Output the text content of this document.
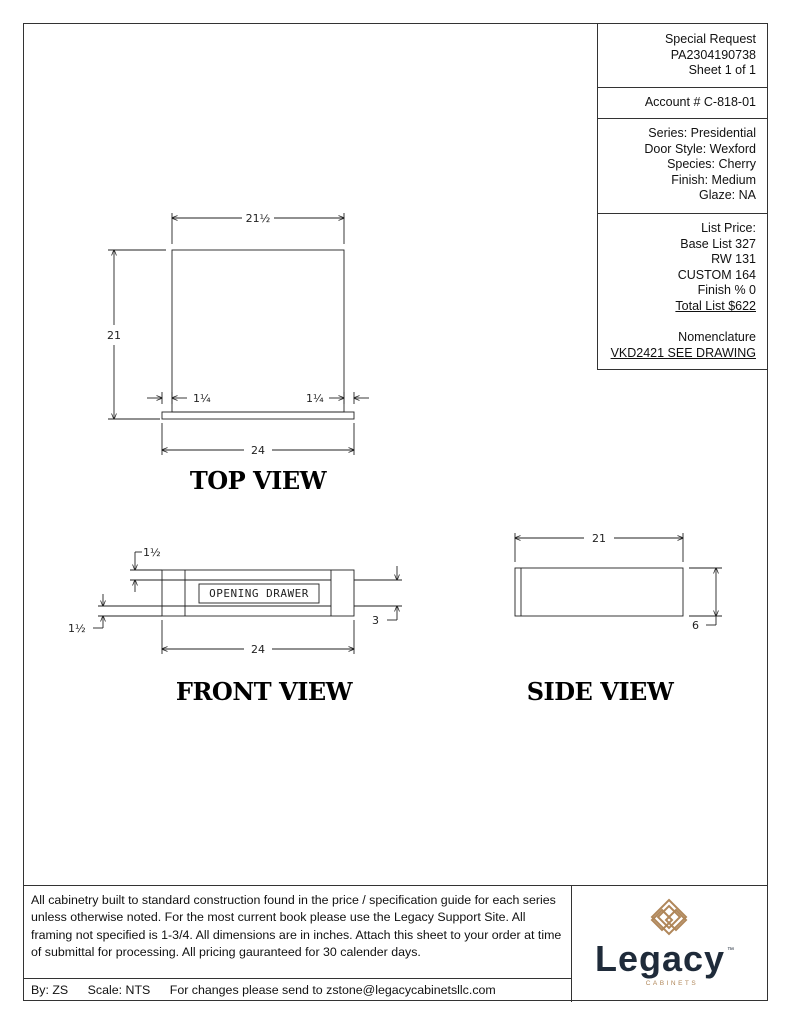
Special Request
PA2304190738
Sheet 1 of 1
Account # C-818-01
Series: Presidential
Door Style: Wexford
Species: Cherry
Finish: Medium
Glaze: NA
List Price:
Base List 327
RW 131
CUSTOM 164
Finish % 0
Total List $622
Nomenclature
VKD2421 SEE DRAWING
21½
21
24
1¼	1¼
TOP VIEW
1½
1½
3
24
OPENING DRAWER
FRONT VIEW
21
6
SIDE VIEW
All cabinetry built to standard construction found in the price / specification guide for each series unless otherwise noted. For the most current book please use the Legacy Support Site. All framing not specified is 1-3/4. All dimensions are in inches. Attach this sheet to your order at time of submittal for processing. All pricing gauranteed for 30 calender days.
By: ZS Scale: NTS For changes please send to zstone@legacycabinetsllc.com
Legacy ™
CABINETS
